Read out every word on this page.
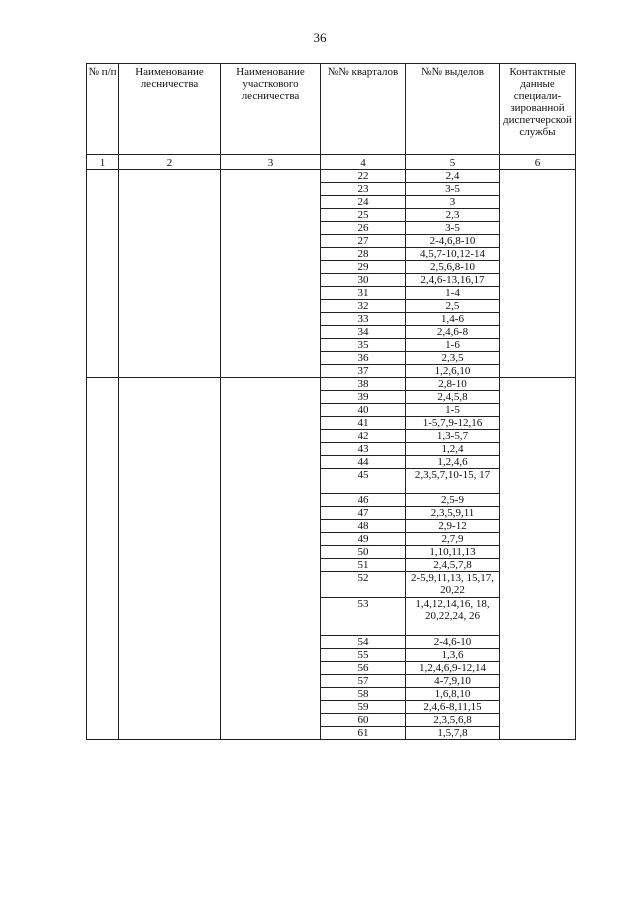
36
№ п/п	Наименование лесничества	Наименование участкового лесничества	№№ кварталов	№№ выделов	Контактные данные специали-зированной диспетчерской службы
1	2	3	4	5	6
			22	2,4	
			23	3-5	
			24	3	
			25	2,3	
			26	3-5	
			27	2-4,6,8-10	
			28	4,5,7-10,12-14	
			29	2,5,6,8-10	
			30	2,4,6-13,16,17	
			31	1-4	
			32	2,5	
			33	1,4-6	
			34	2,4,6-8	
			35	1-6	
			36	2,3,5	
			37	1,2,6,10	
			38	2,8-10	
			39	2,4,5,8	
			40	1-5	
			41	1-5,7,9-12,16	
			42	1,3-5,7	
			43	1,2,4	
			44	1,2,4,6	
			45	2,3,5,7,10-15, 17	
			46	2,5-9	
			47	2,3,5,9,11	
			48	2,9-12	
			49	2,7,9	
			50	1,10,11,13	
			51	2,4,5,7,8	
			52	2-5,9,11,13, 15,17, 20,22	
			53	1,4,12,14,16, 18, 20,22,24, 26	
			54	2-4,6-10	
			55	1,3,6	
			56	1,2,4,6,9-12,14	
			57	4-7,9,10	
			58	1,6,8,10	
			59	2,4,6-8,11,15	
			60	2,3,5,6,8	
			61	1,5,7,8	
